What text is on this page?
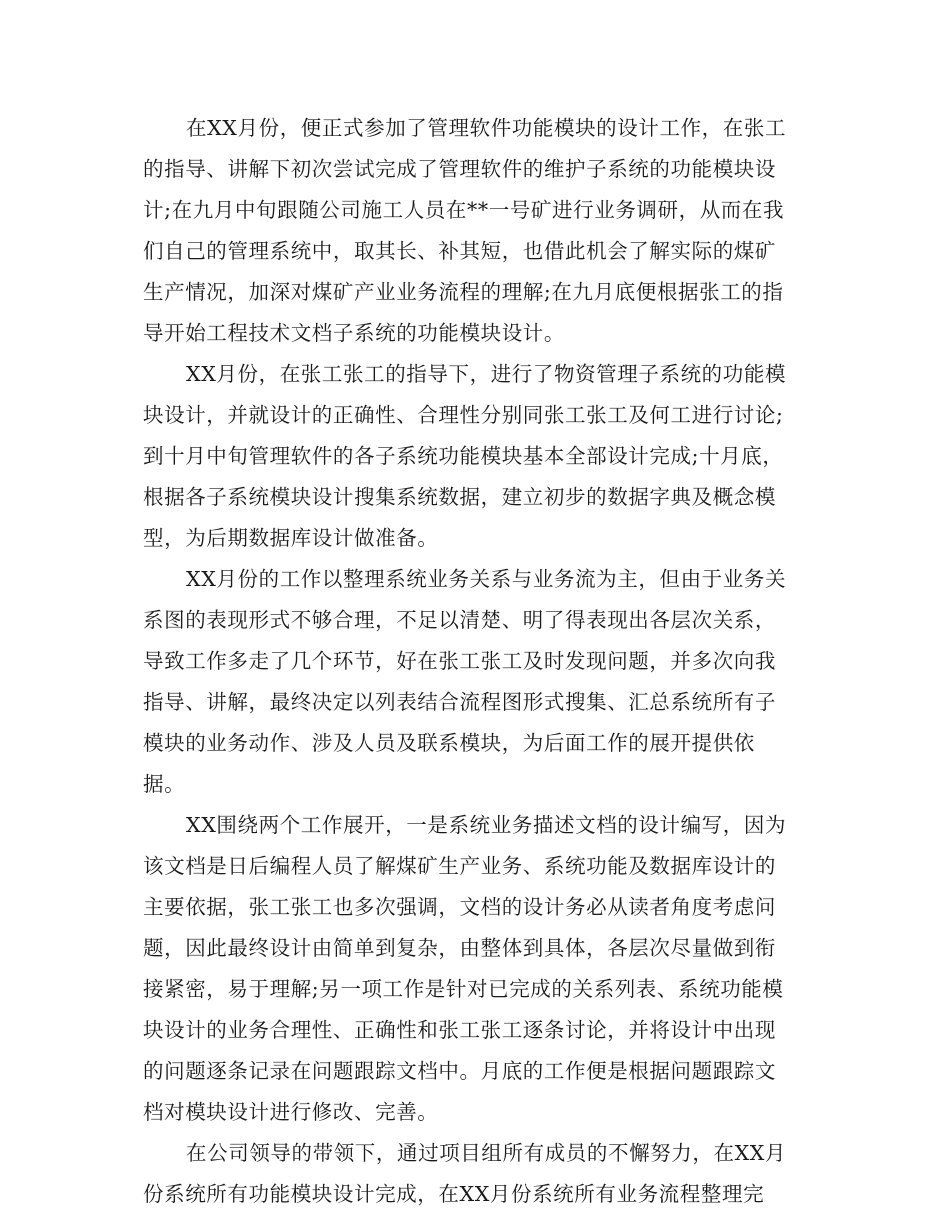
在XX月份，便正式参加了管理软件功能模块的设计工作，在张工
的指导、讲解下初次尝试完成了管理软件的维护子系统的功能模块设
计;在九月中旬跟随公司施工人员在**一号矿进行业务调研，从而在我
们自己的管理系统中，取其长、补其短，也借此机会了解实际的煤矿
生产情况，加深对煤矿产业业务流程的理解;在九月底便根据张工的指
导开始工程技术文档子系统的功能模块设计。
XX月份，在张工张工的指导下，进行了物资管理子系统的功能模
块设计，并就设计的正确性、合理性分别同张工张工及何工进行讨论;
到十月中旬管理软件的各子系统功能模块基本全部设计完成;十月底，
根据各子系统模块设计搜集系统数据，建立初步的数据字典及概念模
型，为后期数据库设计做准备。
XX月份的工作以整理系统业务关系与业务流为主，但由于业务关
系图的表现形式不够合理，不足以清楚、明了得表现出各层次关系，
导致工作多走了几个环节，好在张工张工及时发现问题，并多次向我
指导、讲解，最终决定以列表结合流程图形式搜集、汇总系统所有子
模块的业务动作、涉及人员及联系模块，为后面工作的展开提供依
据。
XX围绕两个工作展开，一是系统业务描述文档的设计编写，因为
该文档是日后编程人员了解煤矿生产业务、系统功能及数据库设计的
主要依据，张工张工也多次强调，文档的设计务必从读者角度考虑问
题，因此最终设计由简单到复杂，由整体到具体，各层次尽量做到衔
接紧密，易于理解;另一项工作是针对已完成的关系列表、系统功能模
块设计的业务合理性、正确性和张工张工逐条讨论，并将设计中出现
的问题逐条记录在问题跟踪文档中。月底的工作便是根据问题跟踪文
档对模块设计进行修改、完善。
在公司领导的带领下，通过项目组所有成员的不懈努力，在XX月
份系统所有功能模块设计完成，在XX月份系统所有业务流程整理完
